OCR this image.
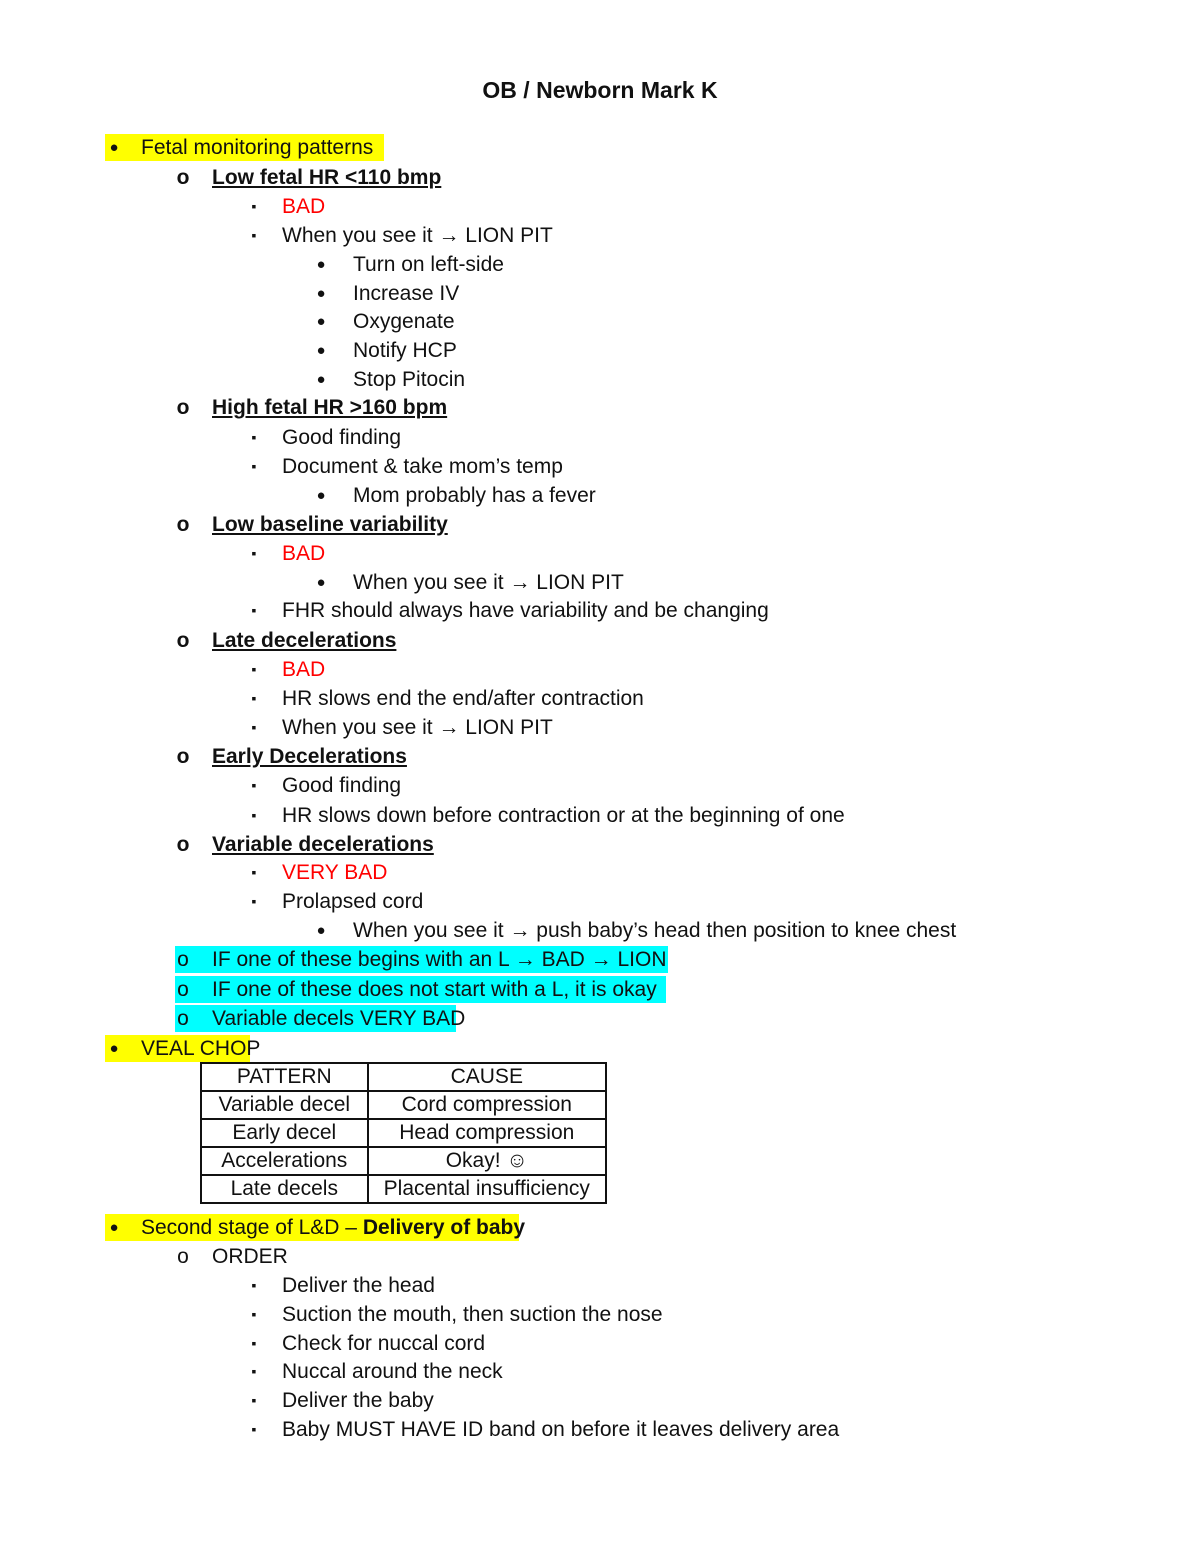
OB / Newborn Mark K
● Fetal monitoring patterns
o Low fetal HR <110 bmp
▪	BAD
▪	When you see it → LION PIT
● Turn on left-side
● Increase IV
● Oxygenate
● Notify HCP
● Stop Pitocin
o High fetal HR >160 bpm
▪	Good finding
▪	Document & take mom’s temp
● Mom probably has a fever
o Low baseline variability
▪	BAD
● When you see it → LION PIT
▪	FHR should always have variability and be changing
o Late decelerations
▪	BAD
▪	HR slows end the end/after contraction
▪	When you see it → LION PIT
o Early Decelerations
▪	Good finding
▪	HR slows down before contraction or at the beginning of one
o Variable decelerations
▪	VERY BAD
▪	Prolapsed cord
● When you see it → push baby’s head then position to knee chest
o IF one of these begins with an L → BAD → LION
o IF one of these does not start with a L, it is okay
o Variable decels VERY BAD
● VEAL CHOP
PATTERN	CAUSE
Variable decel	Cord compression
Early decel	Head compression
Accelerations	Okay! ☺
Late decels	Placental insufficiency
● Second stage of L&D – Delivery of baby
o ORDER
▪	Deliver the head
▪	Suction the mouth, then suction the nose
▪	Check for nuccal cord
▪	Nuccal around the neck
▪	Deliver the baby
▪	Baby MUST HAVE ID band on before it leaves delivery area
